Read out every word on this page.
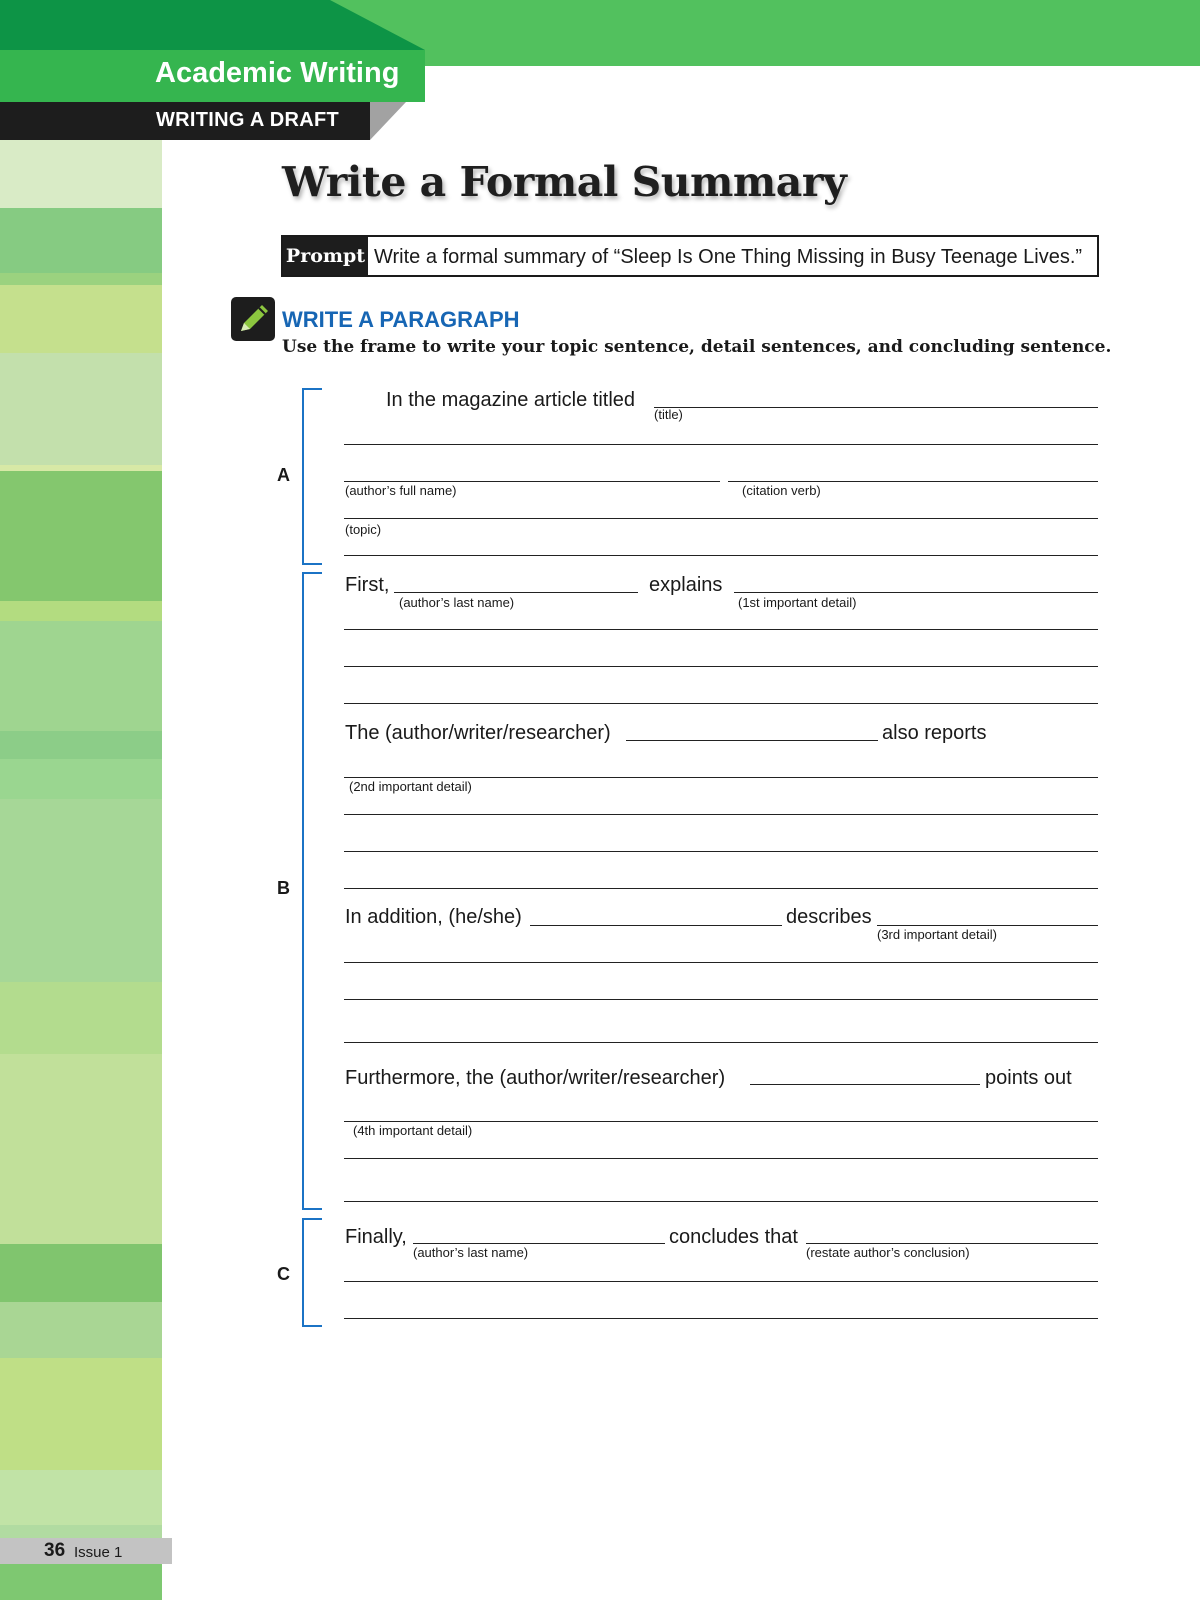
Academic Writing
WRITING A DRAFT
36 Issue 1
Write a Formal Summary
Prompt Write a formal summary of “Sleep Is One Thing Missing in Busy Teenage Lives.”
WRITE A PARAGRAPH
Use the frame to write your topic sentence, detail sentences, and concluding sentence.
A
B
C
In the magazine article titled
(title)
(author’s full name)	(citation verb)
(topic)
First,
(author’s last name)
explains
(1st important detail)
The (author/writer/researcher)	also reports
(2nd important detail)
In addition, (he/she)	describes
(3rd important detail)
Furthermore, the (author/writer/researcher)	points out
(4th important detail)
Finally,
(author’s last name)
concludes that
(restate author’s conclusion)
